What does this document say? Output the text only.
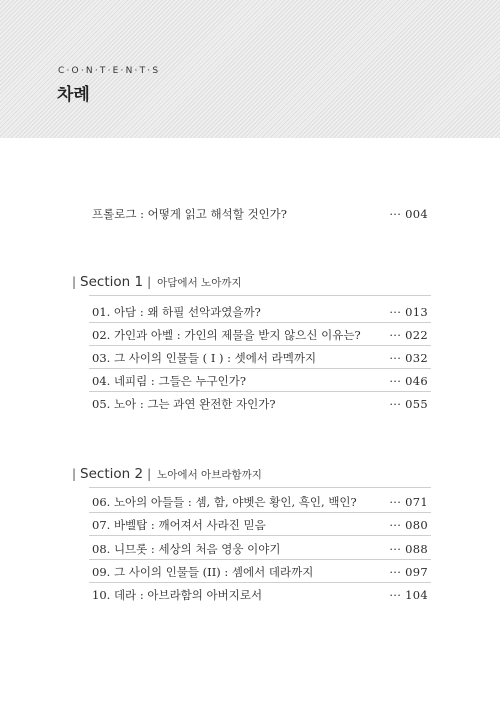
C·O·N·T·E·N·T·S
차례
프롤로그 : 어떻게 읽고 해석할 것인가?	··· 004
| Section 1 | 아담에서 노아까지
01. 아담 : 왜 하필 선악과였을까?	··· 013
02. 가인과 아벨 : 가인의 제물을 받지 않으신 이유는? ··· 022
03. 그 사이의 인물들 ( I ) : 셋에서 라멕까지	··· 032
04. 네피림 : 그들은 누구인가?	··· 046
05. 노아 : 그는 과연 완전한 자인가?	··· 055
| Section 2 | 노아에서 아브라함까지
06. 노아의 아들들 : 셈, 함, 야벳은 황인, 흑인, 백인?	··· 071
07. 바벨탑 : 깨어져서 사라진 믿음	··· 080
08. 니므롯 : 세상의 처음 영웅 이야기	··· 088
09. 그 사이의 인물들 (II) : 셈에서 데라까지	··· 097
10. 데라 : 아브라함의 아버지로서	··· 104
